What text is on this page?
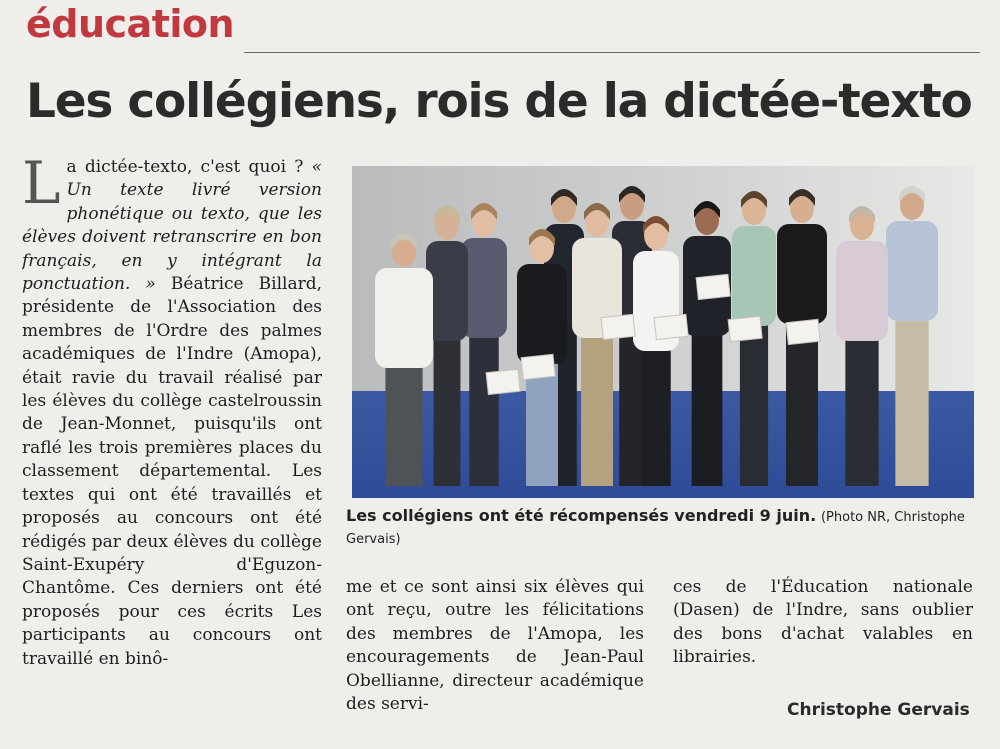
éducation
Les collégiens, rois de la dictée-texto
L a dictée-texto, c'est quoi ? « Un texte livré version phonétique ou texto, que les élèves doivent retranscrire en bon français, en y intégrant la ponctuation. » Béatrice Billard, présidente de l'Association des membres de l'Ordre des palmes académiques de l'Indre (Amopa), était ravie du travail réalisé par les élèves du collège castelroussin de Jean-Monnet, puisqu'ils ont raflé les trois premières places du classement départemental. Les textes qui ont été travaillés et proposés au concours ont été rédigés par deux élèves du collège Saint-Exupéry d'Eguzon-Chantôme. Ces derniers ont été proposés pour ces écrits Les participants au concours ont travaillé en binô-
Les collégiens ont été récompensés vendredi 9 juin. (Photo NR, Christophe Gervais)
me et ce sont ainsi six élèves qui ont reçu, outre les félicitations des membres de l'Amopa, les encouragements de Jean-Paul Obellianne, directeur académique des servi-
ces de l'Éducation nationale (Dasen) de l'Indre, sans oublier des bons d'achat valables en librairies.
Christophe Gervais
